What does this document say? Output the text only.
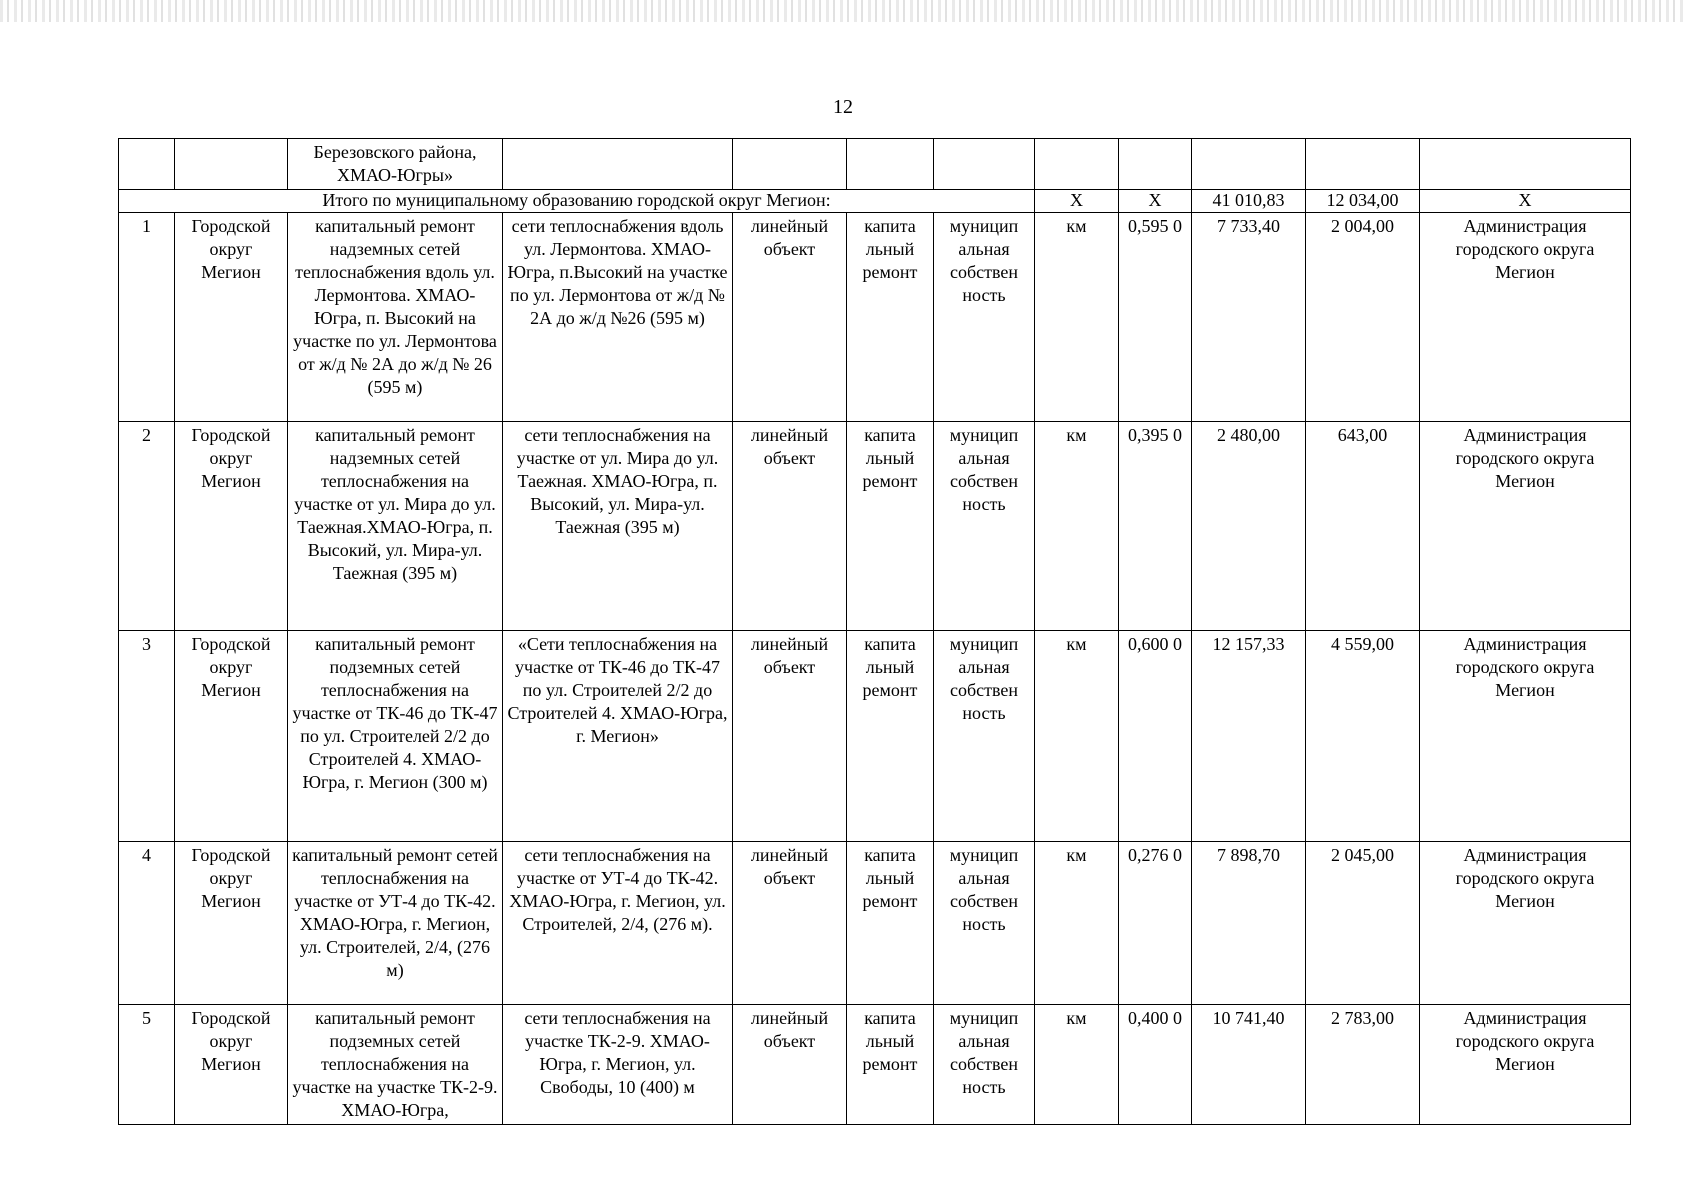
12
		Березовского района, ХМАО-Югры»									
Итого по муниципальному образованию городской округ Мегион:							Х	Х	41 010,83	12 034,00	Х
1	Городской округ Мегион	капитальный ремонт надземных сетей теплоснабжения вдоль ул. Лермонтова. ХМАО-Югра, п. Высокий на участке по ул. Лермонтова от ж/д № 2А до ж/д № 26 (595 м)	сети теплоснабжения вдоль ул. Лермонтова. ХМАО-Югра, п.Высокий на участке по ул. Лермонтова от ж/д № 2А до ж/д №26 (595 м)	линейный объект	капита льный ремонт	муницип альная собствен ность	км	0,595 0	7 733,40	2 004,00	Администрация городского округа Мегион
2	Городской округ Мегион	капитальный ремонт надземных сетей теплоснабжения на участке от ул. Мира до ул. Таежная.ХМАО-Югра, п. Высокий, ул. Мира-ул. Таежная (395 м)	сети теплоснабжения на участке от ул. Мира до ул. Таежная. ХМАО-Югра, п. Высокий, ул. Мира-ул. Таежная (395 м)	линейный объект	капита льный ремонт	муницип альная собствен ность	км	0,395 0	2 480,00	643,00	Администрация городского округа Мегион
3	Городской округ Мегион	капитальный ремонт подземных сетей теплоснабжения на участке от ТК-46 до ТК-47 по ул. Строителей 2/2 до Строителей 4. ХМАО-Югра, г. Мегион (300 м)	«Сети теплоснабжения на участке от ТК-46 до ТК-47 по ул. Строителей 2/2 до Строителей 4. ХМАО-Югра, г. Мегион»	линейный объект	капита льный ремонт	муницип альная собствен ность	км	0,600 0	12 157,33	4 559,00	Администрация городского округа Мегион
4	Городской округ Мегион	капитальный ремонт сетей теплоснабжения на участке от УТ-4 до ТК-42. ХМАО-Югра, г. Мегион, ул. Строителей, 2/4, (276 м)	сети теплоснабжения на участке от УТ-4 до ТК-42. ХМАО-Югра, г. Мегион, ул. Строителей, 2/4, (276 м).	линейный объект	капита льный ремонт	муницип альная собствен ность	км	0,276 0	7 898,70	2 045,00	Администрация городского округа Мегион
5	Городской округ Мегион	капитальный ремонт подземных сетей теплоснабжения на участке на участке ТК-2-9. ХМАО-Югра,	сети теплоснабжения на участке ТК-2-9. ХМАО-Югра, г. Мегион, ул. Свободы, 10 (400) м	линейный объект	капита льный ремонт	муницип альная собствен ность	км	0,400 0	10 741,40	2 783,00	Администрация городского округа Мегион
